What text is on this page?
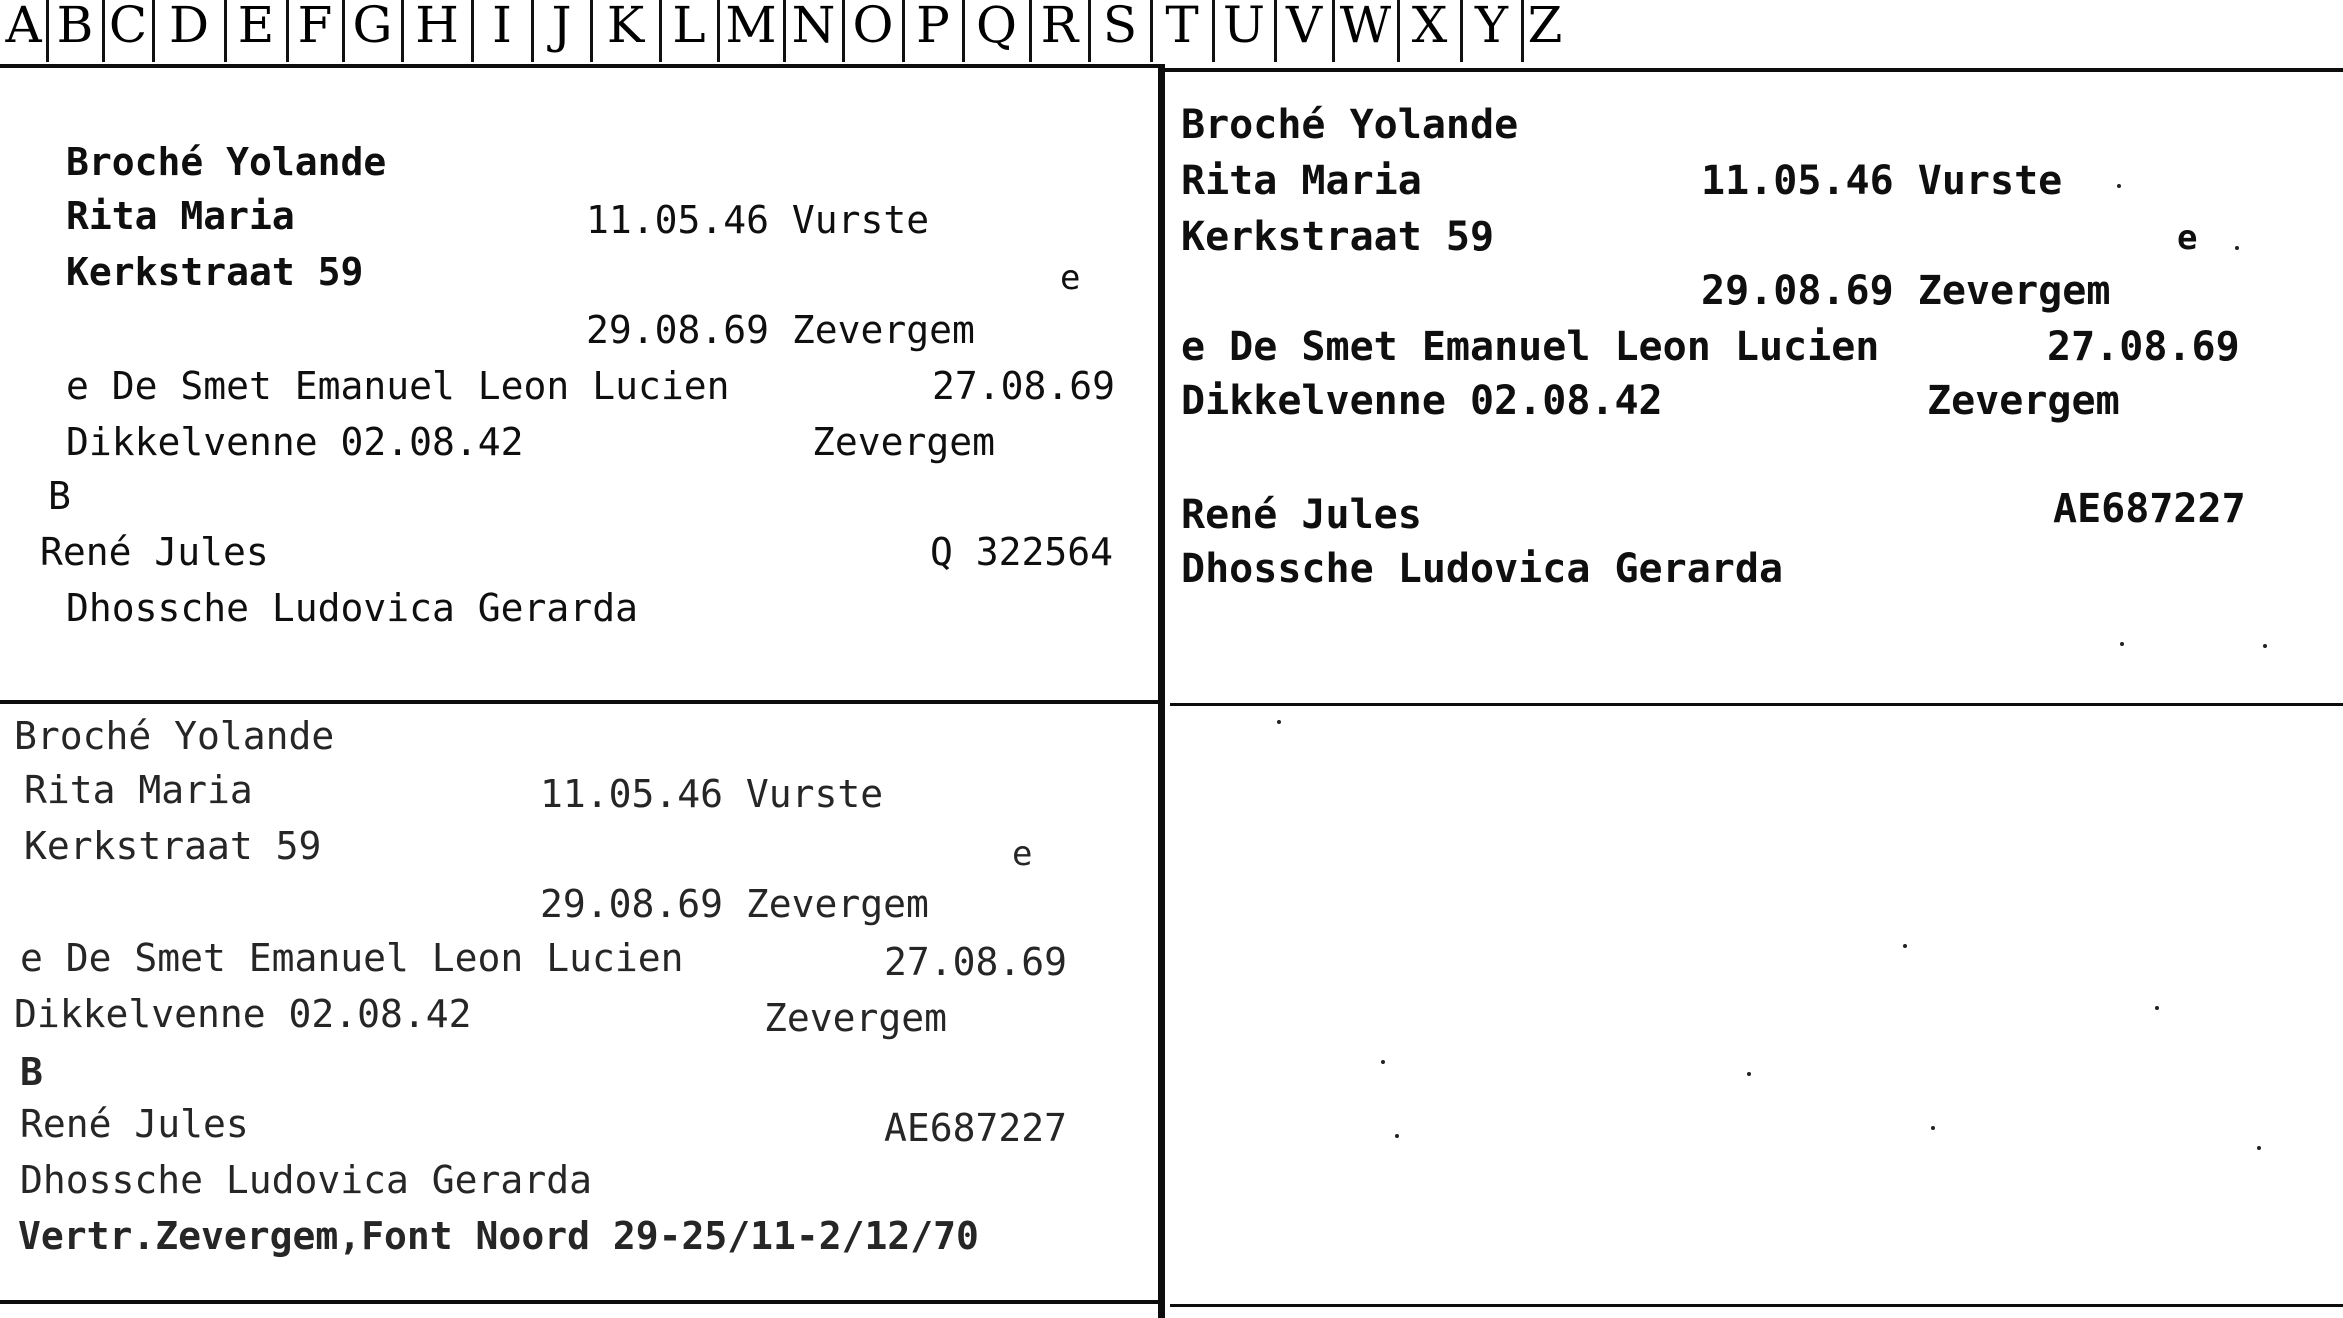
A B C D E F G H I J K L M N O P Q R S T U V W X Y Z
Broché Yolande
Rita Maria	11.05.46 Vurste
Kerkstraat 59	e
29.08.69 Zevergem
e De Smet Emanuel Leon Lucien	27.08.69
Dikkelvenne 02.08.42	Zevergem
B
René Jules	Q 322564
Dhossche Ludovica Gerarda
Broché Yolande
Rita Maria	11.05.46 Vurste
Kerkstraat 59	e
29.08.69 Zevergem
e De Smet Emanuel Leon Lucien	27.08.69
Dikkelvenne 02.08.42	Zevergem
René Jules	AE687227
Dhossche Ludovica Gerarda
Broché Yolande
Rita Maria	11.05.46 Vurste
Kerkstraat 59	e
29.08.69 Zevergem
e De Smet Emanuel Leon Lucien	27.08.69
Dikkelvenne 02.08.42	Zevergem
B
René Jules	AE687227
Dhossche Ludovica Gerarda
Vertr.Zevergem,Font Noord 29-25/11-2/12/70
